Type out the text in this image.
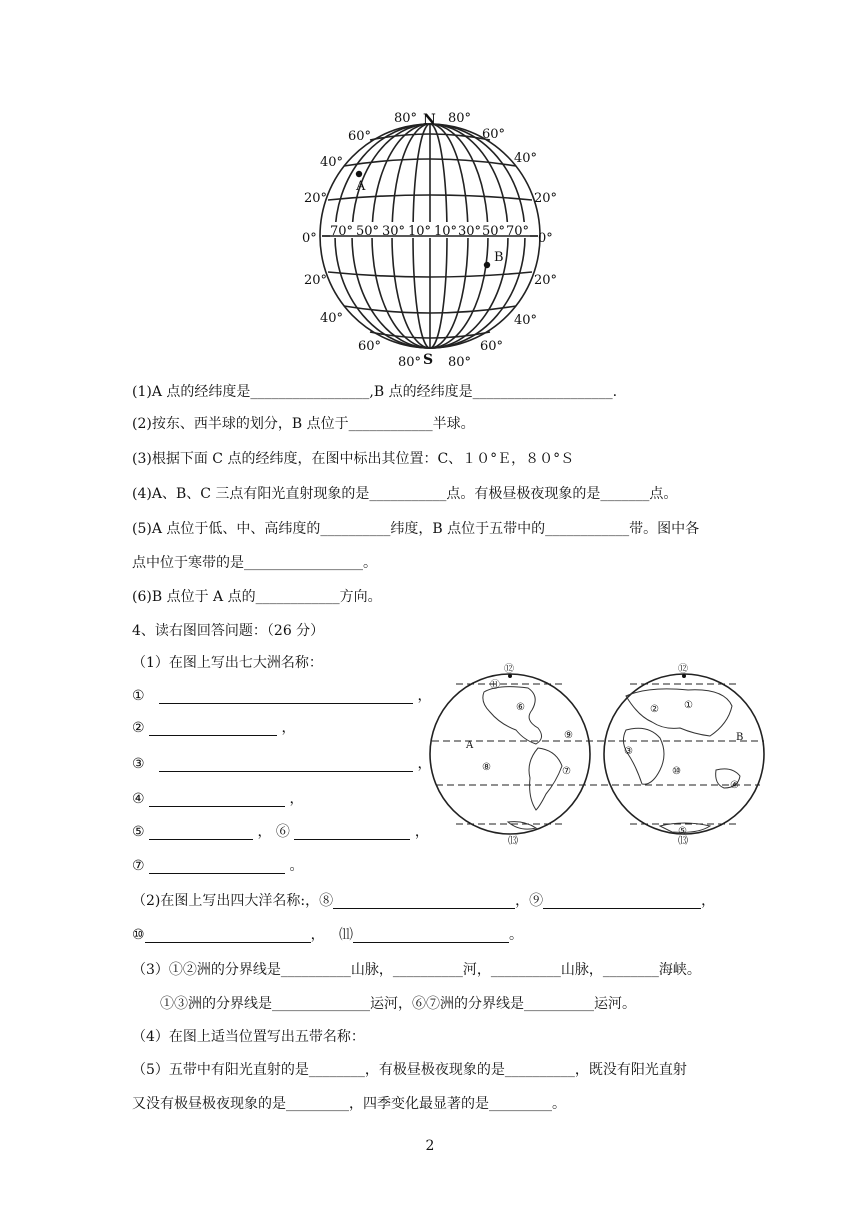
N
S
A
B
80°
60°
40°
20°
0°
20°
40°
60°
80°
80°
60°
40°
20°
0°
20°
40°
60°
80°
70° 50° 30° 10° 10° 30° 50° 70°
(1)A 点的经纬度是_________________,B 点的经纬度是____________________.
(2)按东、西半球的划分，B 点位于____________半球。
(3)根据下面 C 点的经纬度，在图中标出其位置：C、１０°Ｅ，８０°Ｓ
(4)A、B、C 三点有阳光直射现象的是___________点。有极昼极夜现象的是_______点。
(5)A 点位于低、中、高纬度的__________纬度，B 点位于五带中的____________带。图中各
点中位于寒带的是_________________。
(6)B 点位于 A 点的____________方向。
4、读右图回答问题：（26 分）
（1）在图上写出七大洲名称：
①	，
②	，
③	，
④	，
⑤	， ⑥	，
⑦	。
（2)在图上写出四大洋名称:，⑧	，⑨	，
⑩	， ⑾	。
（3）①②洲的分界线是__________山脉，__________河，__________山脉，________海峡。
①③洲的分界线是______________运河，⑥⑦洲的分界线是__________运河。
（4）在图上适当位置写出五带名称：
（5）五带中有阳光直射的是________，有极昼极夜现象的是__________，既没有阳光直射
又没有极昼极夜现象的是_________，四季变化最显著的是_________。
⑫
⑪
⑥
⑨
⑧	⑦
⒀
⑫
②	①
③
⑩
④
⑤
⒀
A
B
2
